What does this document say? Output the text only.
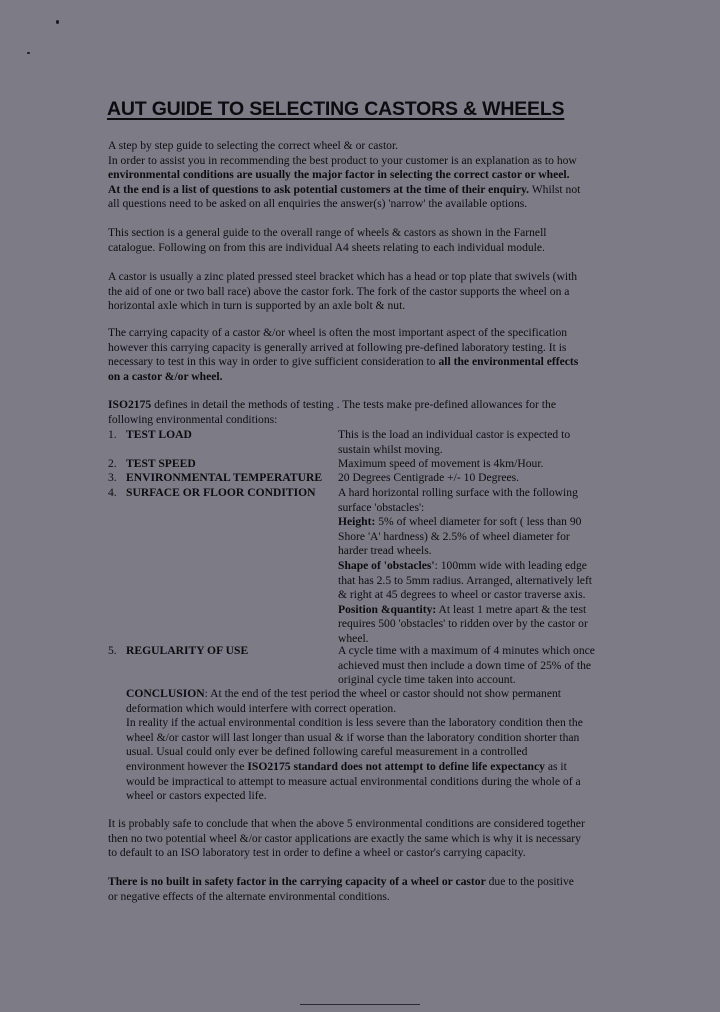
AUT GUIDE TO SELECTING CASTORS & WHEELS
A step by step guide to selecting the correct wheel & or castor.
In order to assist you in recommending the best product to your customer is an explanation as to how
environmental conditions are usually the major factor in selecting the correct castor or wheel.
At the end is a list of questions to ask potential customers at the time of their enquiry. Whilst not
all questions need to be asked on all enquiries the answer(s) 'narrow' the available options.
This section is a general guide to the overall range of wheels & castors as shown in the Farnell
catalogue. Following on from this are individual A4 sheets relating to each individual module.
A castor is usually a zinc plated pressed steel bracket which has a head or top plate that swivels (with
the aid of one or two ball race) above the castor fork. The fork of the castor supports the wheel on a
horizontal axle which in turn is supported by an axle bolt & nut.
The carrying capacity of a castor &/or wheel is often the most important aspect of the specification
however this carrying capacity is generally arrived at following pre-defined laboratory testing. It is
necessary to test in this way in order to give sufficient consideration to all the environmental effects
on a castor &/or wheel.
ISO2175 defines in detail the methods of testing . The tests make pre-defined allowances for the
following environmental conditions:
1. TEST LOAD	This is the load an individual castor is expected to
sustain whilst moving.
2. TEST SPEED	Maximum speed of movement is 4km/Hour.
3. ENVIRONMENTAL TEMPERATURE 20 Degrees Centigrade +/- 10 Degrees.
4. SURFACE OR FLOOR CONDITION A hard horizontal rolling surface with the following
surface 'obstacles':
Height: 5% of wheel diameter for soft ( less than 90
Shore 'A' hardness) & 2.5% of wheel diameter for
harder tread wheels.
Shape of 'obstacles': 100mm wide with leading edge
that has 2.5 to 5mm radius. Arranged, alternatively left
& right at 45 degrees to wheel or castor traverse axis.
Position &quantity: At least 1 metre apart & the test
requires 500 'obstacles' to ridden over by the castor or
wheel.
5. REGULARITY OF USE	A cycle time with a maximum of 4 minutes which once
achieved must then include a down time of 25% of the
original cycle time taken into account.
CONCLUSION: At the end of the test period the wheel or castor should not show permanent
deformation which would interfere with correct operation.
In reality if the actual environmental condition is less severe than the laboratory condition then the
wheel &/or castor will last longer than usual & if worse than the laboratory condition shorter than
usual. Usual could only ever be defined following careful measurement in a controlled
environment however the ISO2175 standard does not attempt to define life expectancy as it
would be impractical to attempt to measure actual environmental conditions during the whole of a
wheel or castors expected life.
It is probably safe to conclude that when the above 5 environmental conditions are considered together
then no two potential wheel &/or castor applications are exactly the same which is why it is necessary
to default to an ISO laboratory test in order to define a wheel or castor's carrying capacity.
There is no built in safety factor in the carrying capacity of a wheel or castor due to the positive
or negative effects of the alternate environmental conditions.
